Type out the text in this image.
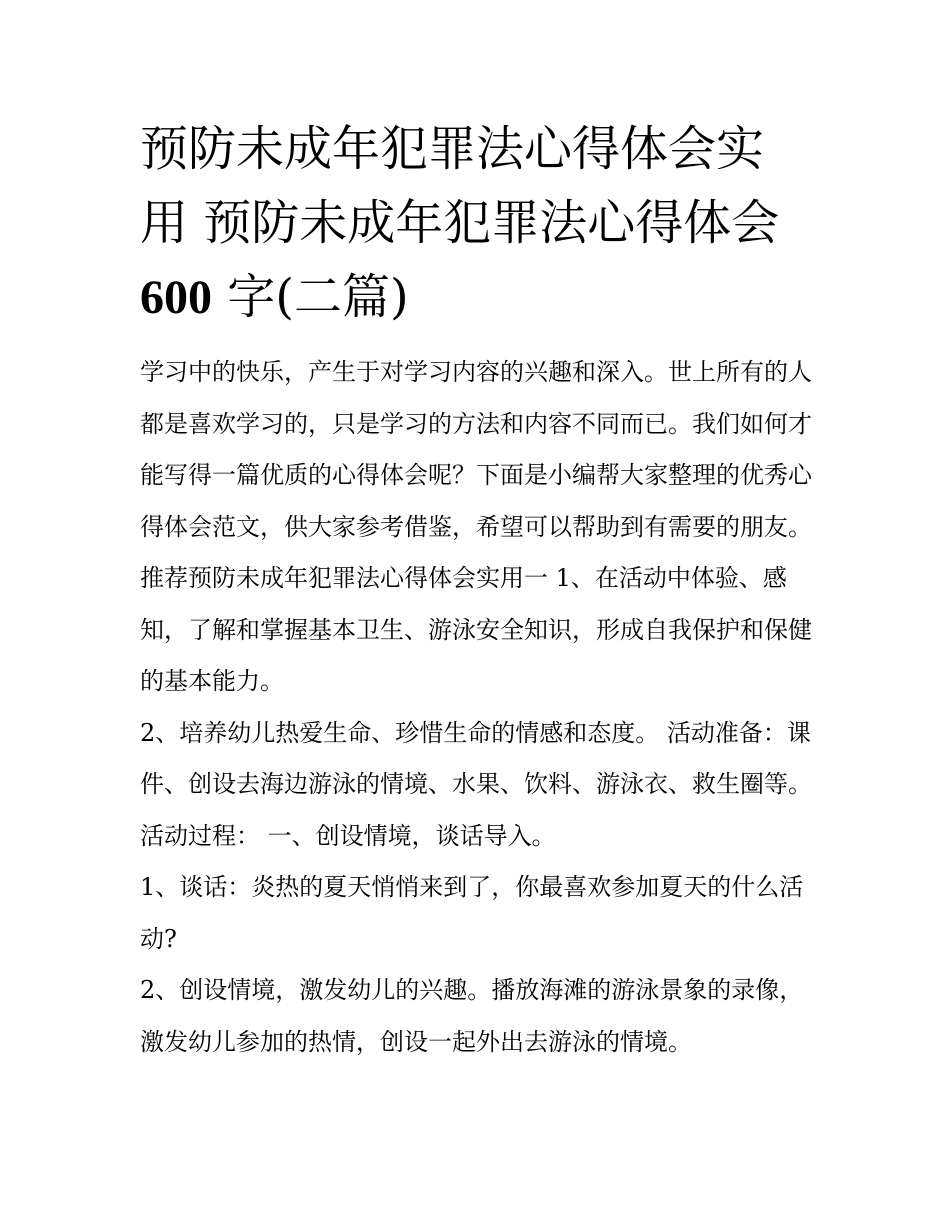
预防未成年犯罪法心得体会实
用 预防未成年犯罪法心得体会
600 字(二篇)

学习中的快乐，产生于对学习内容的兴趣和深入。世上所有的人都是喜欢学习的，只是学习的方法和内容不同而已。我们如何才能写得一篇优质的心得体会呢？下面是小编帮大家整理的优秀心得体会范文，供大家参考借鉴，希望可以帮助到有需要的朋友。

推荐预防未成年犯罪法心得体会实用一 1、在活动中体验、感知，了解和掌握基本卫生、游泳安全知识，形成自我保护和保健的基本能力。

2、培养幼儿热爱生命、珍惜生命的情感和态度。 活动准备：课件、创设去海边游泳的情境、水果、饮料、游泳衣、救生圈等。 活动过程： 一、创设情境，谈话导入。

1、谈话：炎热的夏天悄悄来到了，你最喜欢参加夏天的什么活动?

2、创设情境，激发幼儿的兴趣。播放海滩的游泳景象的录像，激发幼儿参加的热情，创设一起外出去游泳的情境。
